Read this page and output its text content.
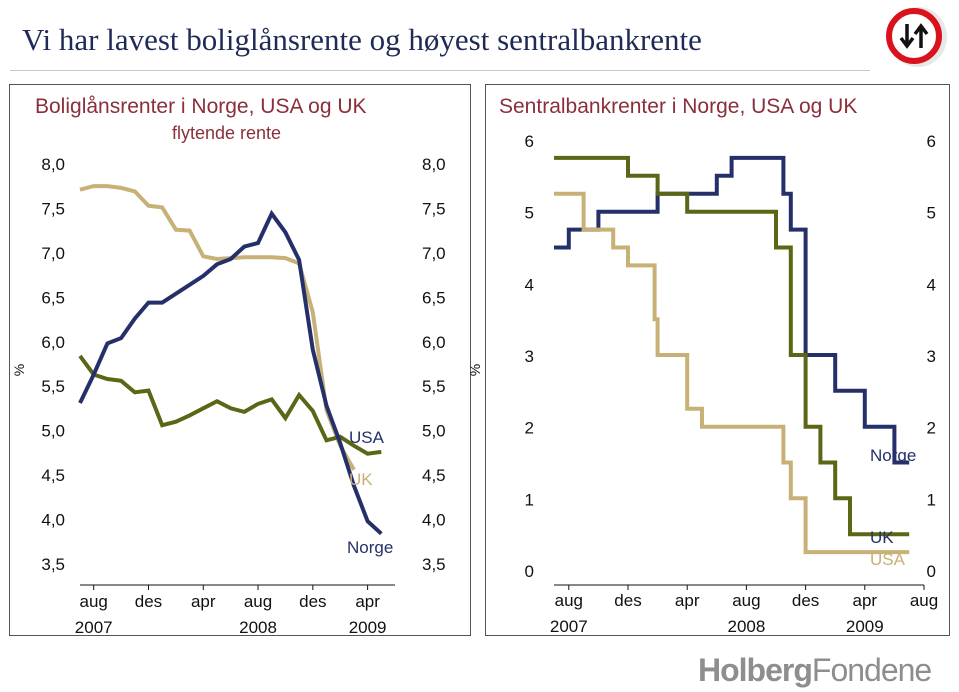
Vi har lavest boliglånsrente og høyest sentralbankrente
Boliglånsrenter i Norge, USA og UK
flytende rente
8,0	8,0
7,5	7,5
7,0	7,0
6,5	6,5
6,0	6,0
5,5	5,5
5,0	5,0
4,5	4,5
4,0	4,0
3,5	3,5
%
aug
2007
des apr aug
2008
des apr
2009
USA
UK
Norge
Sentralbankrenter i Norge, USA og UK
6	6
5	5
4	4
3	3
2	2
1	1
0	0
%
aug
2007
des apr aug
2008
des apr
2009
aug
Norge
UK
USA
HolbergFondene
